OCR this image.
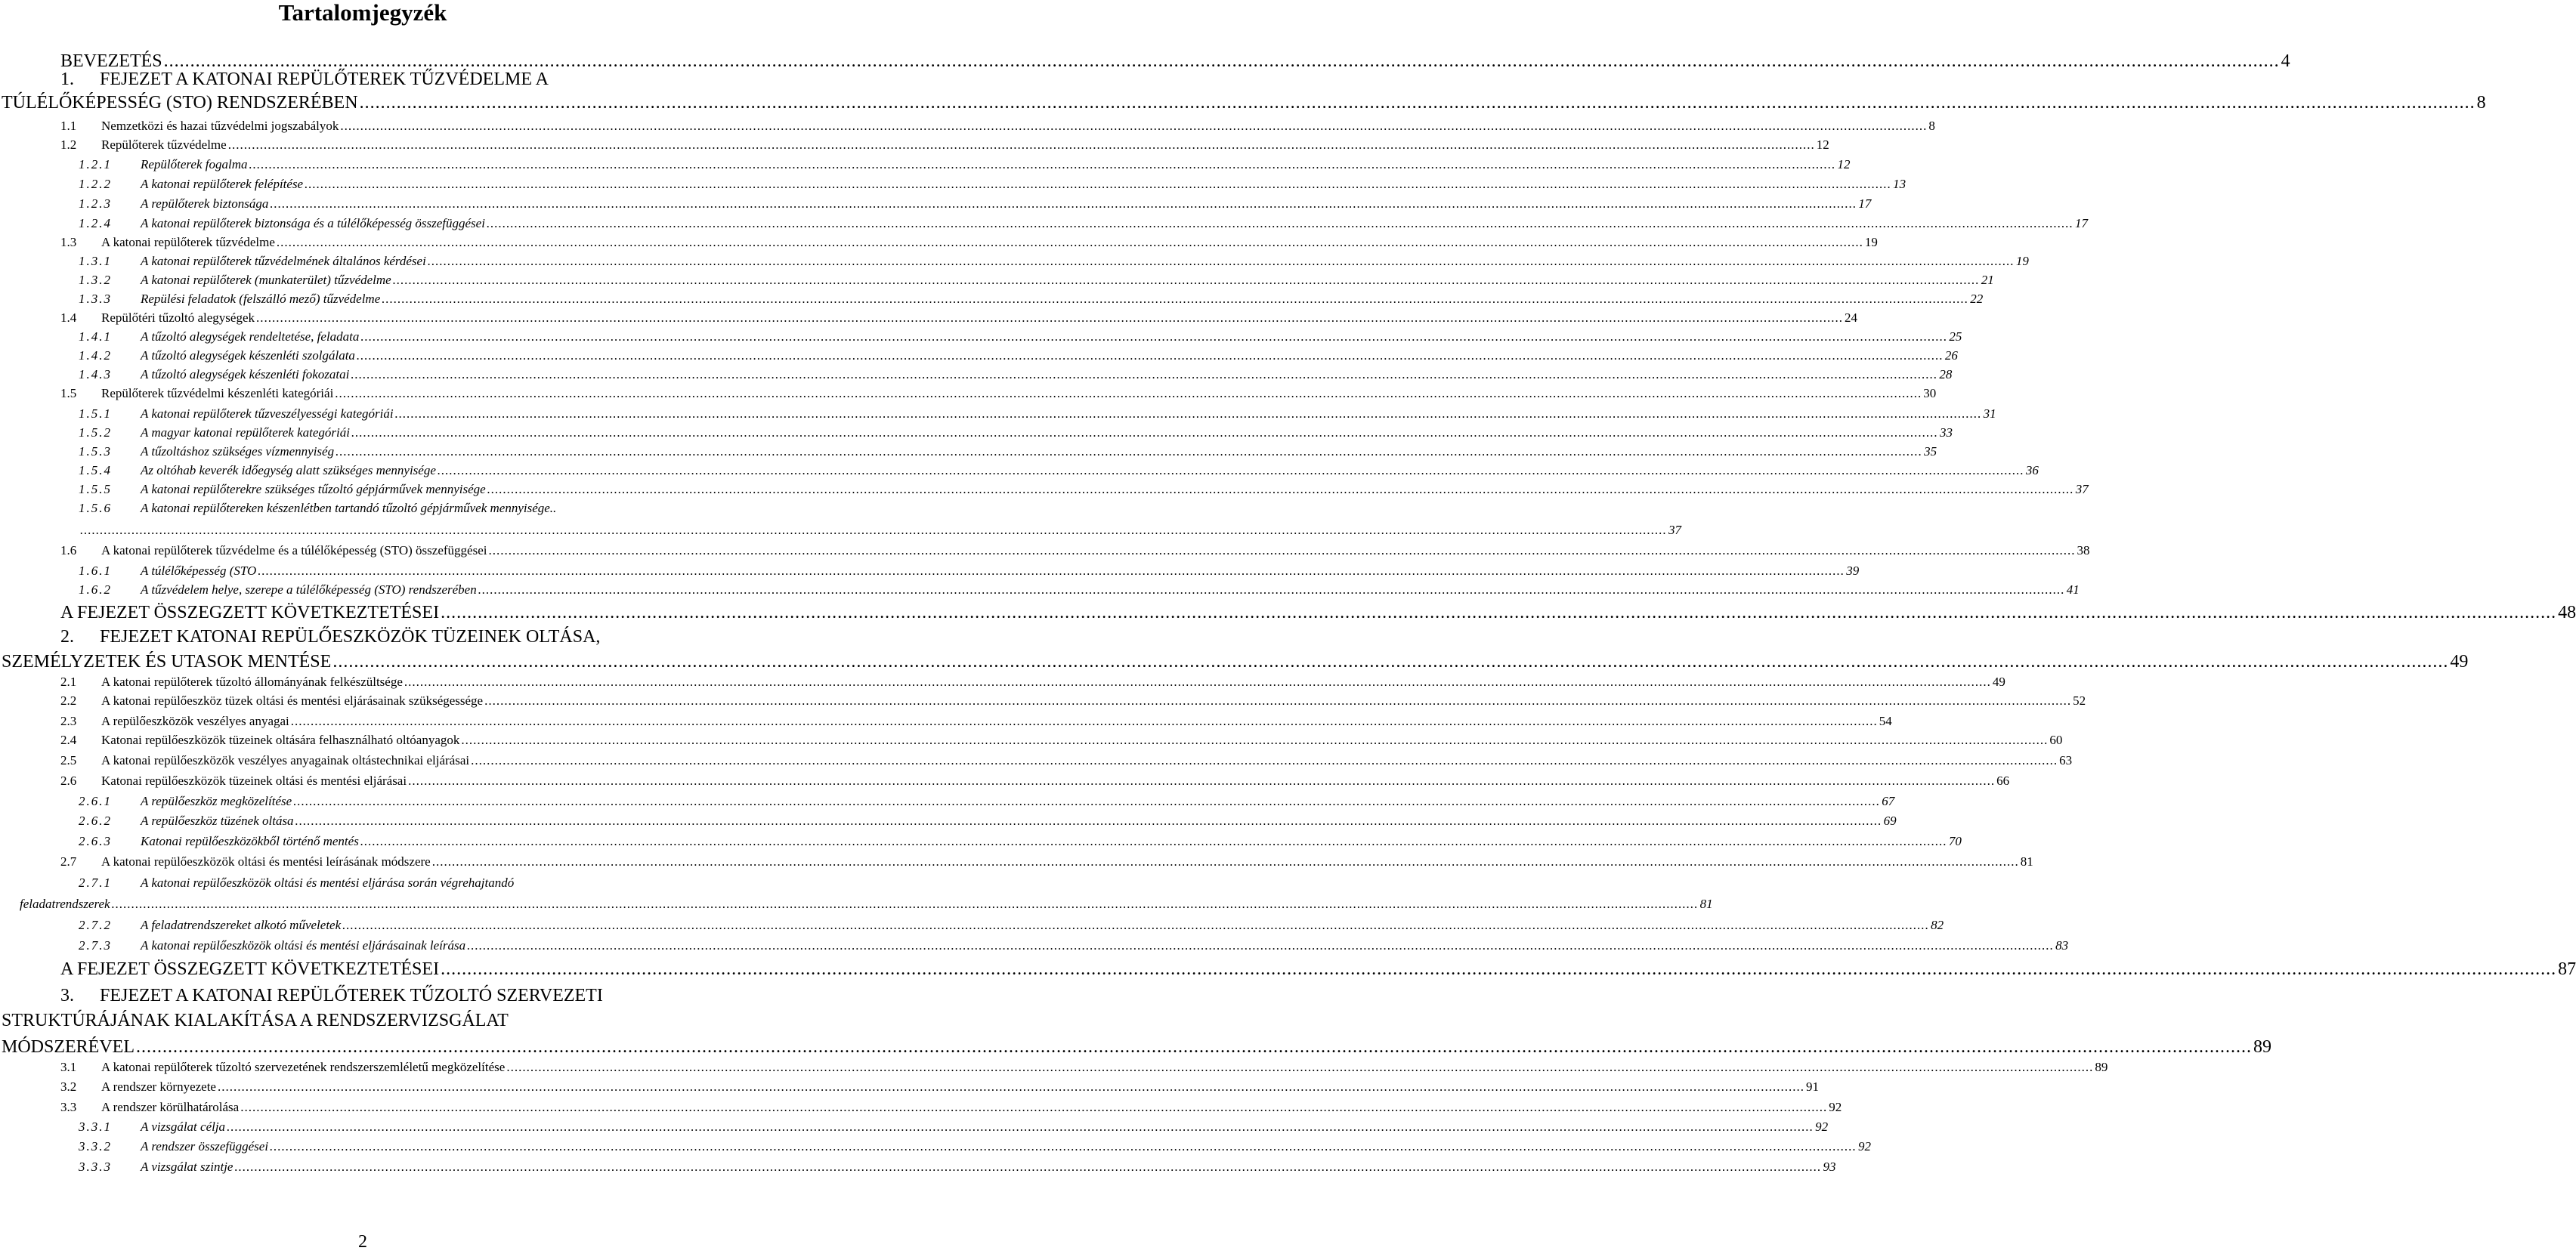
Tartalomjegyzék
BEVEZETÉS ................................................................................................................................................................................................................................................................................................................................................................................................................ 4
1.	FEJEZET A KATONAI REPÜLŐTEREK TŰZVÉDELME A
TÚLÉLŐKÉPESSÉG (STO) RENDSZERÉBEN ................................................................................................................................................................................................................................................................................................................................................................................................................ 8
1.1	Nemzetközi és hazai tűzvédelmi jogszabályok ................................................................................................................................................................................................................................................................................................................................................................................................................ 8
1.2	Repülőterek tűzvédelme ................................................................................................................................................................................................................................................................................................................................................................................................................ 12
1.2.1	Repülőterek fogalma ................................................................................................................................................................................................................................................................................................................................................................................................................ 12
1.2.2	A katonai repülőterek felépítése ................................................................................................................................................................................................................................................................................................................................................................................................................ 13
1.2.3	A repülőterek biztonsága ................................................................................................................................................................................................................................................................................................................................................................................................................ 17
1.2.4	A katonai repülőterek biztonsága és a túlélőképesség összefüggései ................................................................................................................................................................................................................................................................................................................................................................................................................ 17
1.3	A katonai repülőterek tűzvédelme ................................................................................................................................................................................................................................................................................................................................................................................................................ 19
1.3.1	A katonai repülőterek tűzvédelmének általános kérdései ................................................................................................................................................................................................................................................................................................................................................................................................................ 19
1.3.2	A katonai repülőterek (munkaterület) tűzvédelme ................................................................................................................................................................................................................................................................................................................................................................................................................ 21
1.3.3	Repülési feladatok (felszálló mező) tűzvédelme ................................................................................................................................................................................................................................................................................................................................................................................................................ 22
1.4	Repülőtéri tűzoltó alegységek ................................................................................................................................................................................................................................................................................................................................................................................................................ 24
1.4.1	A tűzoltó alegységek rendeltetése, feladata ................................................................................................................................................................................................................................................................................................................................................................................................................ 25
1.4.2	A tűzoltó alegységek készenléti szolgálata ................................................................................................................................................................................................................................................................................................................................................................................................................ 26
1.4.3	A tűzoltó alegységek készenléti fokozatai ................................................................................................................................................................................................................................................................................................................................................................................................................ 28
1.5	Repülőterek tűzvédelmi készenléti kategóriái ................................................................................................................................................................................................................................................................................................................................................................................................................ 30
1.5.1	A katonai repülőterek tűzveszélyességi kategóriái ................................................................................................................................................................................................................................................................................................................................................................................................................ 31
1.5.2	A magyar katonai repülőterek kategóriái ................................................................................................................................................................................................................................................................................................................................................................................................................ 33
1.5.3	A tűzoltáshoz szükséges vízmennyiség ................................................................................................................................................................................................................................................................................................................................................................................................................ 35
1.5.4	Az oltóhab keverék időegység alatt szükséges mennyisége ................................................................................................................................................................................................................................................................................................................................................................................................................ 36
1.5.5	A katonai repülőterekre szükséges tűzoltó gépjárművek mennyisége ................................................................................................................................................................................................................................................................................................................................................................................................................ 37
1.5.6	A katonai repülőtereken készenlétben tartandó tűzoltó gépjárművek mennyisége..
................................................................................................................................................................................................................................................................................................................................................................................................................ 37
1.6	A katonai repülőterek tűzvédelme és a túlélőképesség (STO) összefüggései ................................................................................................................................................................................................................................................................................................................................................................................................................ 38
1.6.1	A túlélőképesség (STO ................................................................................................................................................................................................................................................................................................................................................................................................................ 39
1.6.2	A tűzvédelem helye, szerepe a túlélőképesség (STO) rendszerében ................................................................................................................................................................................................................................................................................................................................................................................................................ 41
A FEJEZET ÖSSZEGZETT KÖVETKEZTETÉSEI ................................................................................................................................................................................................................................................................................................................................................................................................................ 48
2.	FEJEZET KATONAI REPÜLŐESZKÖZÖK TÜZEINEK OLTÁSA,
SZEMÉLYZETEK ÉS UTASOK MENTÉSE ................................................................................................................................................................................................................................................................................................................................................................................................................ 49
2.1	A katonai repülőterek tűzoltó állományának felkészültsége ................................................................................................................................................................................................................................................................................................................................................................................................................ 49
2.2	A katonai repülőeszköz tüzek oltási és mentési eljárásainak szükségessége ................................................................................................................................................................................................................................................................................................................................................................................................................ 52
2.3	A repülőeszközök veszélyes anyagai ................................................................................................................................................................................................................................................................................................................................................................................................................ 54
2.4	Katonai repülőeszközök tüzeinek oltására felhasználható oltóanyagok ................................................................................................................................................................................................................................................................................................................................................................................................................ 60
2.5	A katonai repülőeszközök veszélyes anyagainak oltástechnikai eljárásai ................................................................................................................................................................................................................................................................................................................................................................................................................ 63
2.6	Katonai repülőeszközök tüzeinek oltási és mentési eljárásai ................................................................................................................................................................................................................................................................................................................................................................................................................ 66
2.6.1	A repülőeszköz megközelítése ................................................................................................................................................................................................................................................................................................................................................................................................................ 67
2.6.2	A repülőeszköz tüzének oltása ................................................................................................................................................................................................................................................................................................................................................................................................................ 69
2.6.3	Katonai repülőeszközökből történő mentés ................................................................................................................................................................................................................................................................................................................................................................................................................ 70
2.7	A katonai repülőeszközök oltási és mentési leírásának módszere ................................................................................................................................................................................................................................................................................................................................................................................................................ 81
2.7.1	A katonai repülőeszközök oltási és mentési eljárása során végrehajtandó
feladatrendszerek ................................................................................................................................................................................................................................................................................................................................................................................................................ 81
2.7.2	A feladatrendszereket alkotó műveletek ................................................................................................................................................................................................................................................................................................................................................................................................................ 82
2.7.3	A katonai repülőeszközök oltási és mentési eljárásainak leírása ................................................................................................................................................................................................................................................................................................................................................................................................................ 83
A FEJEZET ÖSSZEGZETT KÖVETKEZTETÉSEI ................................................................................................................................................................................................................................................................................................................................................................................................................ 87
3.	FEJEZET A KATONAI REPÜLŐTEREK TŰZOLTÓ SZERVEZETI
STRUKTÚRÁJÁNAK KIALAKÍTÁSA A RENDSZERVIZSGÁLAT
MÓDSZERÉVEL ................................................................................................................................................................................................................................................................................................................................................................................................................ 89
3.1	A katonai repülőterek tűzoltó szervezetének rendszerszemléletű megközelítése ................................................................................................................................................................................................................................................................................................................................................................................................................ 89
3.2	A rendszer környezete ................................................................................................................................................................................................................................................................................................................................................................................................................ 91
3.3	A rendszer körülhatárolása ................................................................................................................................................................................................................................................................................................................................................................................................................ 92
3.3.1	A vizsgálat célja ................................................................................................................................................................................................................................................................................................................................................................................................................ 92
3.3.2	A rendszer összefüggései ................................................................................................................................................................................................................................................................................................................................................................................................................ 92
3.3.3	A vizsgálat szintje ................................................................................................................................................................................................................................................................................................................................................................................................................ 93
2
